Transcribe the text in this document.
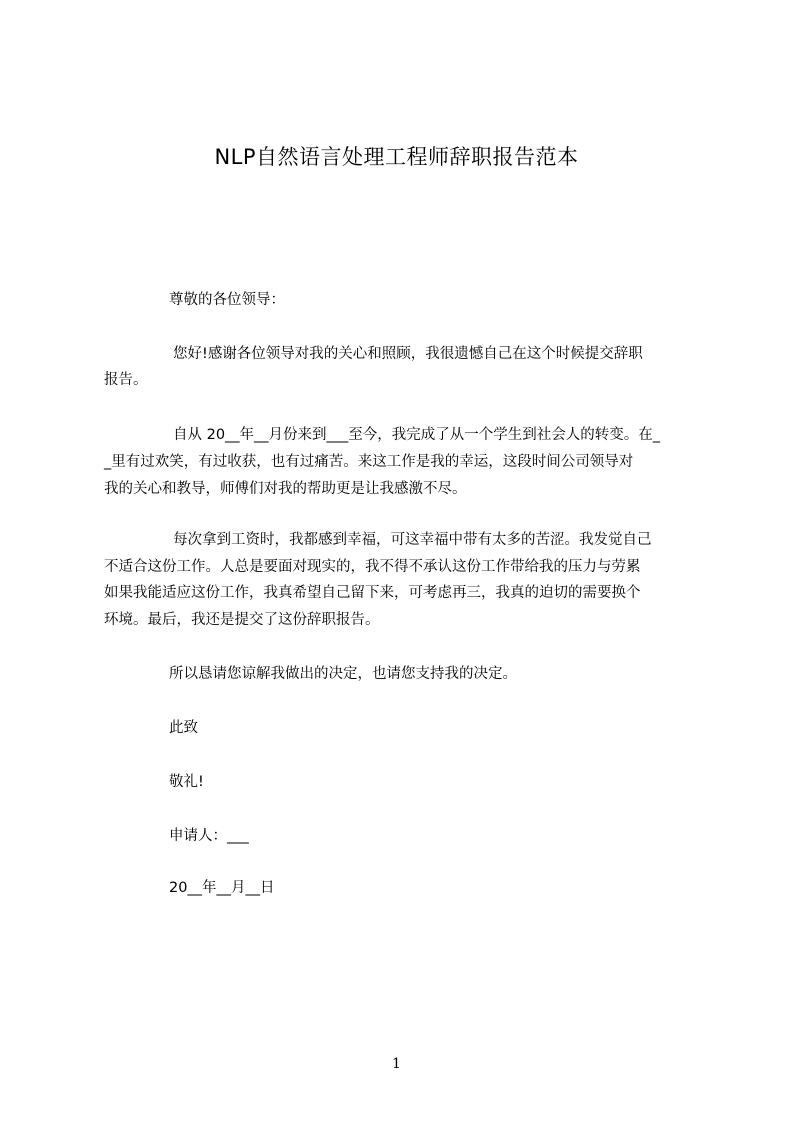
NLP自然语言处理工程师辞职报告范本
尊敬的各位领导：
您好!感谢各位领导对我的关心和照顾，我很遗憾自己在这个时候提交辞职
报告。
自从 20__年__月份来到___至今，我完成了从一个学生到社会人的转变。在_
_里有过欢笑，有过收获，也有过痛苦。来这工作是我的幸运，这段时间公司领导对
我的关心和教导，师傅们对我的帮助更是让我感激不尽。
每次拿到工资时，我都感到幸福，可这幸福中带有太多的苦涩。我发觉自己
不适合这份工作。人总是要面对现实的，我不得不承认这份工作带给我的压力与劳累
如果我能适应这份工作，我真希望自己留下来，可考虑再三，我真的迫切的需要换个
环境。最后，我还是提交了这份辞职报告。
所以恳请您谅解我做出的决定，也请您支持我的决定。
此致
敬礼!
申请人：___
20__年__月__日
1
